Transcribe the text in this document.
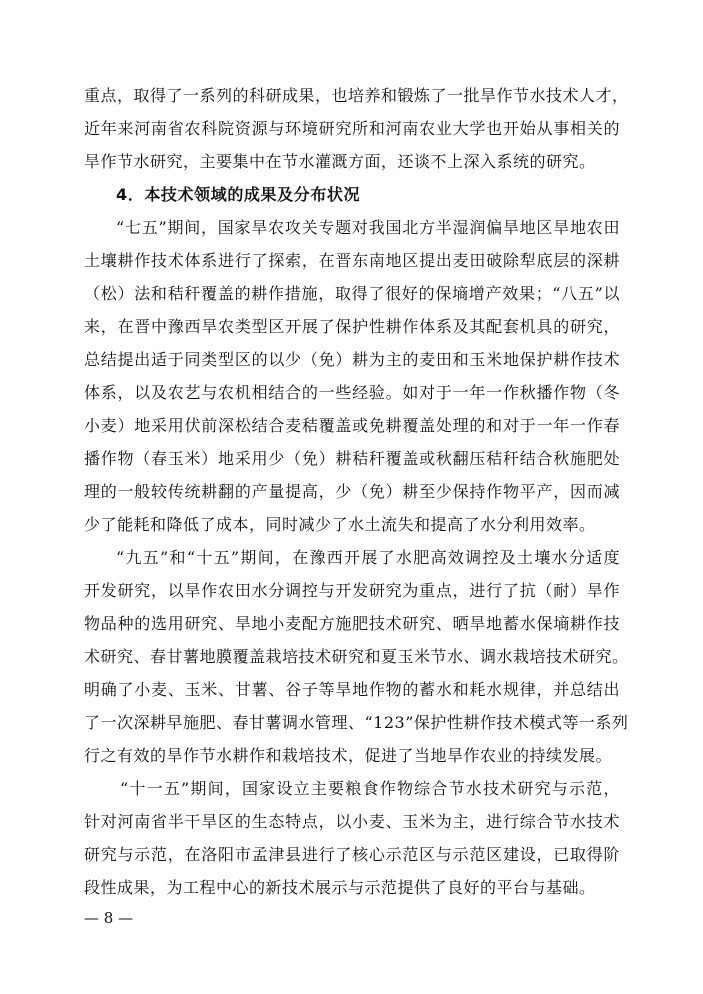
重点，取得了一系列的科研成果，也培养和锻炼了一批旱作节水技术人才，
近年来河南省农科院资源与环境研究所和河南农业大学也开始从事相关的
旱作节水研究，主要集中在节水灌溉方面，还谈不上深入系统的研究。
4．本技术领域的成果及分布状况
“七五”期间，国家旱农攻关专题对我国北方半湿润偏旱地区旱地农田
土壤耕作技术体系进行了探索，在晋东南地区提出麦田破除犁底层的深耕
（松）法和秸秆覆盖的耕作措施，取得了很好的保墒增产效果；“八五”以
来，在晋中豫西旱农类型区开展了保护性耕作体系及其配套机具的研究，
总结提出适于同类型区的以少（免）耕为主的麦田和玉米地保护耕作技术
体系，以及农艺与农机相结合的一些经验。如对于一年一作秋播作物（冬
小麦）地采用伏前深松结合麦秸覆盖或免耕覆盖处理的和对于一年一作春
播作物（春玉米）地采用少（免）耕秸秆覆盖或秋翻压秸秆结合秋施肥处
理的一般较传统耕翻的产量提高，少（免）耕至少保持作物平产，因而减
少了能耗和降低了成本，同时减少了水土流失和提高了水分利用效率。
“九五”和“十五”期间，在豫西开展了水肥高效调控及土壤水分适度
开发研究，以旱作农田水分调控与开发研究为重点，进行了抗（耐）旱作
物品种的选用研究、旱地小麦配方施肥技术研究、晒旱地蓄水保墒耕作技
术研究、春甘薯地膜覆盖栽培技术研究和夏玉米节水、调水栽培技术研究。
明确了小麦、玉米、甘薯、谷子等旱地作物的蓄水和耗水规律，并总结出
了一次深耕早施肥、春甘薯调水管理、“123”保护性耕作技术模式等一系列
行之有效的旱作节水耕作和栽培技术，促进了当地旱作农业的持续发展。
“十一五”期间，国家设立主要粮食作物综合节水技术研究与示范，
针对河南省半干旱区的生态特点，以小麦、玉米为主，进行综合节水技术
研究与示范，在洛阳市孟津县进行了核心示范区与示范区建设，已取得阶
段性成果，为工程中心的新技术展示与示范提供了良好的平台与基础。
— 8 —
